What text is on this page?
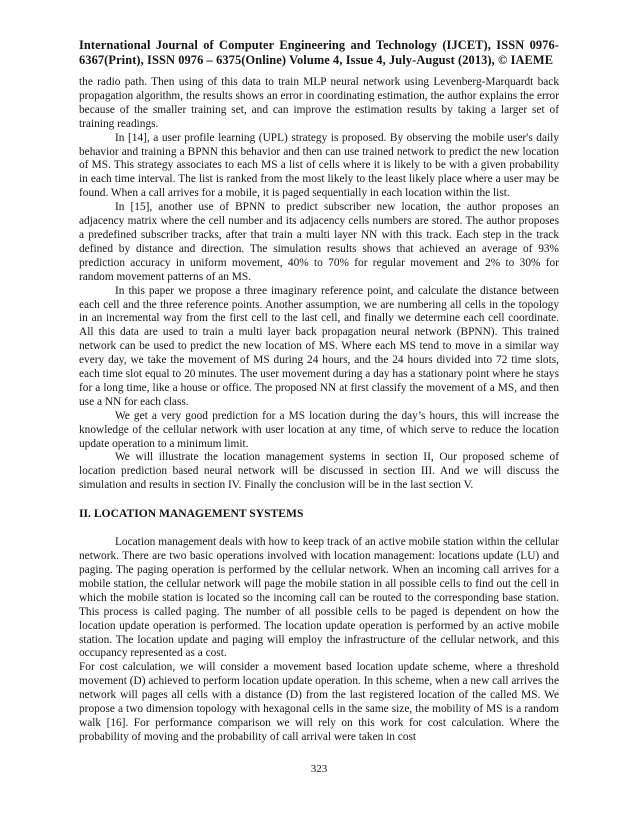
International Journal of Computer Engineering and Technology (IJCET), ISSN 0976-6367(Print), ISSN 0976 – 6375(Online) Volume 4, Issue 4, July-August (2013), © IAEME

the radio path. Then using of this data to train MLP neural network using Levenberg-Marquardt back propagation algorithm, the results shows an error in coordinating estimation, the author explains the error because of the smaller training set, and can improve the estimation results by taking a larger set of training readings.

In [14], a user profile learning (UPL) strategy is proposed. By observing the mobile user's daily behavior and training a BPNN this behavior and then can use trained network to predict the new location of MS. This strategy associates to each MS a list of cells where it is likely to be with a given probability in each time interval. The list is ranked from the most likely to the least likely place where a user may be found. When a call arrives for a mobile, it is paged sequentially in each location within the list.

In [15], another use of BPNN to predict subscriber new location, the author proposes an adjacency matrix where the cell number and its adjacency cells numbers are stored. The author proposes a predefined subscriber tracks, after that train a multi layer NN with this track. Each step in the track defined by distance and direction. The simulation results shows that achieved an average of 93% prediction accuracy in uniform movement, 40% to 70% for regular movement and 2% to 30% for random movement patterns of an MS.

In this paper we propose a three imaginary reference point, and calculate the distance between each cell and the three reference points. Another assumption, we are numbering all cells in the topology in an incremental way from the first cell to the last cell, and finally we determine each cell coordinate. All this data are used to train a multi layer back propagation neural network (BPNN). This trained network can be used to predict the new location of MS. Where each MS tend to move in a similar way every day, we take the movement of MS during 24 hours, and the 24 hours divided into 72 time slots, each time slot equal to 20 minutes. The user movement during a day has a stationary point where he stays for a long time, like a house or office. The proposed NN at first classify the movement of a MS, and then use a NN for each class.

We get a very good prediction for a MS location during the day’s hours, this will increase the knowledge of the cellular network with user location at any time, of which serve to reduce the location update operation to a minimum limit.

We will illustrate the location management systems in section II, Our proposed scheme of location prediction based neural network will be discussed in section III. And we will discuss the simulation and results in section IV. Finally the conclusion will be in the last section V.

II. LOCATION MANAGEMENT SYSTEMS

Location management deals with how to keep track of an active mobile station within the cellular network. There are two basic operations involved with location management: locations update (LU) and paging. The paging operation is performed by the cellular network. When an incoming call arrives for a mobile station, the cellular network will page the mobile station in all possible cells to find out the cell in which the mobile station is located so the incoming call can be routed to the corresponding base station. This process is called paging. The number of all possible cells to be paged is dependent on how the location update operation is performed. The location update operation is performed by an active mobile station. The location update and paging will employ the infrastructure of the cellular network, and this occupancy represented as a cost.

For cost calculation, we will consider a movement based location update scheme, where a threshold movement (D) achieved to perform location update operation. In this scheme, when a new call arrives the network will pages all cells with a distance (D) from the last registered location of the called MS. We propose a two dimension topology with hexagonal cells in the same size, the mobility of MS is a random walk [16]. For performance comparison we will rely on this work for cost calculation. Where the probability of moving and the probability of call arrival were taken in cost

323
